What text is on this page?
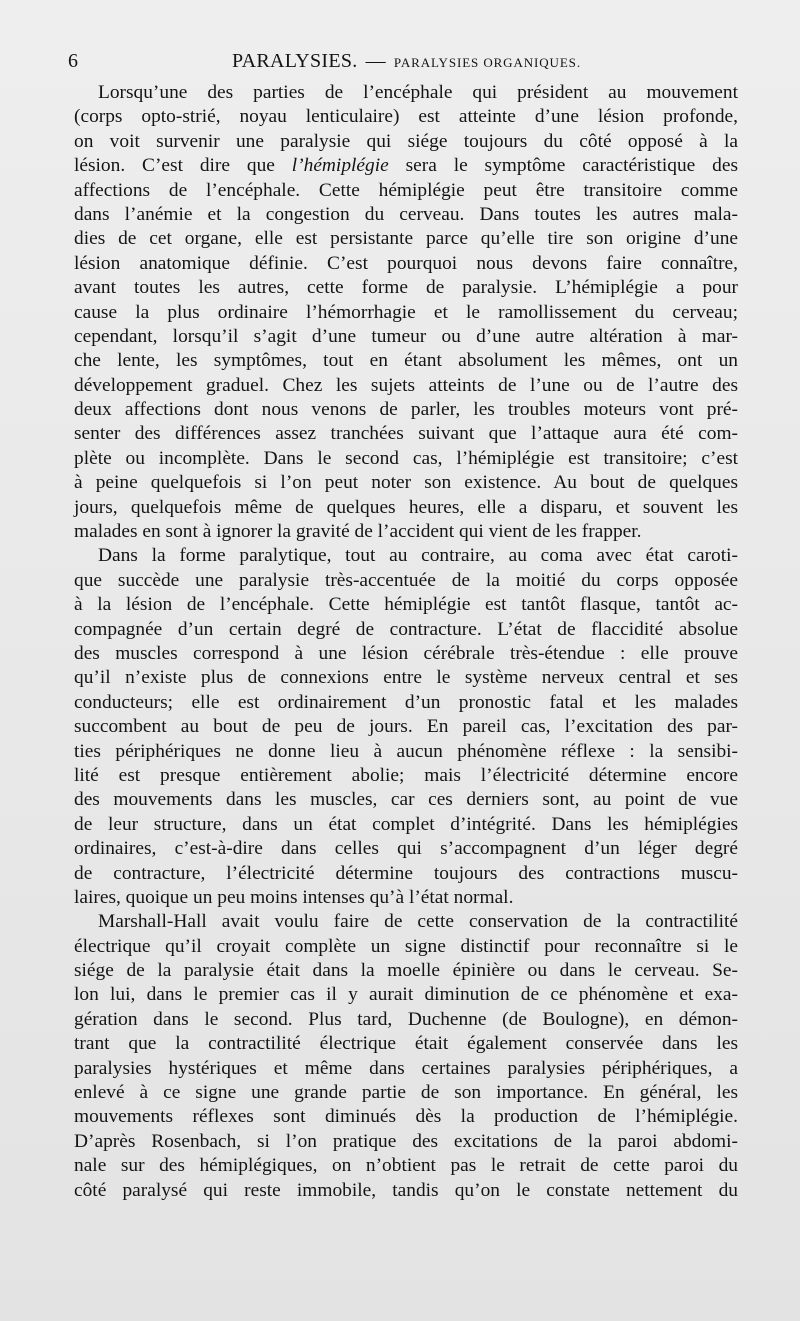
6	PARALYSIES. — PARALYSIES ORGANIQUES.
Lorsqu’une des parties de l’encéphale qui président au mouvement
(corps opto-strié, noyau lenticulaire) est atteinte d’une lésion profonde,
on voit survenir une paralysie qui siége toujours du côté opposé à la
lésion. C’est dire que l’hémiplégie sera le symptôme caractéristique des
affections de l’encéphale. Cette hémiplégie peut être transitoire comme
dans l’anémie et la congestion du cerveau. Dans toutes les autres mala-
dies de cet organe, elle est persistante parce qu’elle tire son origine d’une
lésion anatomique définie. C’est pourquoi nous devons faire connaître,
avant toutes les autres, cette forme de paralysie. L’hémiplégie a pour
cause la plus ordinaire l’hémorrhagie et le ramollissement du cerveau;
cependant, lorsqu’il s’agit d’une tumeur ou d’une autre altération à mar-
che lente, les symptômes, tout en étant absolument les mêmes, ont un
développement graduel. Chez les sujets atteints de l’une ou de l’autre des
deux affections dont nous venons de parler, les troubles moteurs vont pré-
senter des différences assez tranchées suivant que l’attaque aura été com-
plète ou incomplète. Dans le second cas, l’hémiplégie est transitoire; c’est
à peine quelquefois si l’on peut noter son existence. Au bout de quelques
jours, quelquefois même de quelques heures, elle a disparu, et souvent les
malades en sont à ignorer la gravité de l’accident qui vient de les frapper.
Dans la forme paralytique, tout au contraire, au coma avec état caroti-
que succède une paralysie très-accentuée de la moitié du corps opposée
à la lésion de l’encéphale. Cette hémiplégie est tantôt flasque, tantôt ac-
compagnée d’un certain degré de contracture. L’état de flaccidité absolue
des muscles correspond à une lésion cérébrale très-étendue : elle prouve
qu’il n’existe plus de connexions entre le système nerveux central et ses
conducteurs; elle est ordinairement d’un pronostic fatal et les malades
succombent au bout de peu de jours. En pareil cas, l’excitation des par-
ties périphériques ne donne lieu à aucun phénomène réflexe : la sensibi-
lité est presque entièrement abolie; mais l’électricité détermine encore
des mouvements dans les muscles, car ces derniers sont, au point de vue
de leur structure, dans un état complet d’intégrité. Dans les hémiplégies
ordinaires, c’est-à-dire dans celles qui s’accompagnent d’un léger degré
de contracture, l’électricité détermine toujours des contractions muscu-
laires, quoique un peu moins intenses qu’à l’état normal.
Marshall-Hall avait voulu faire de cette conservation de la contractilité
électrique qu’il croyait complète un signe distinctif pour reconnaître si le
siége de la paralysie était dans la moelle épinière ou dans le cerveau. Se-
lon lui, dans le premier cas il y aurait diminution de ce phénomène et exa-
gération dans le second. Plus tard, Duchenne (de Boulogne), en démon-
trant que la contractilité électrique était également conservée dans les
paralysies hystériques et même dans certaines paralysies périphériques, a
enlevé à ce signe une grande partie de son importance. En général, les
mouvements réflexes sont diminués dès la production de l’hémiplégie.
D’après Rosenbach, si l’on pratique des excitations de la paroi abdomi-
nale sur des hémiplégiques, on n’obtient pas le retrait de cette paroi du
côté paralysé qui reste immobile, tandis qu’on le constate nettement du
